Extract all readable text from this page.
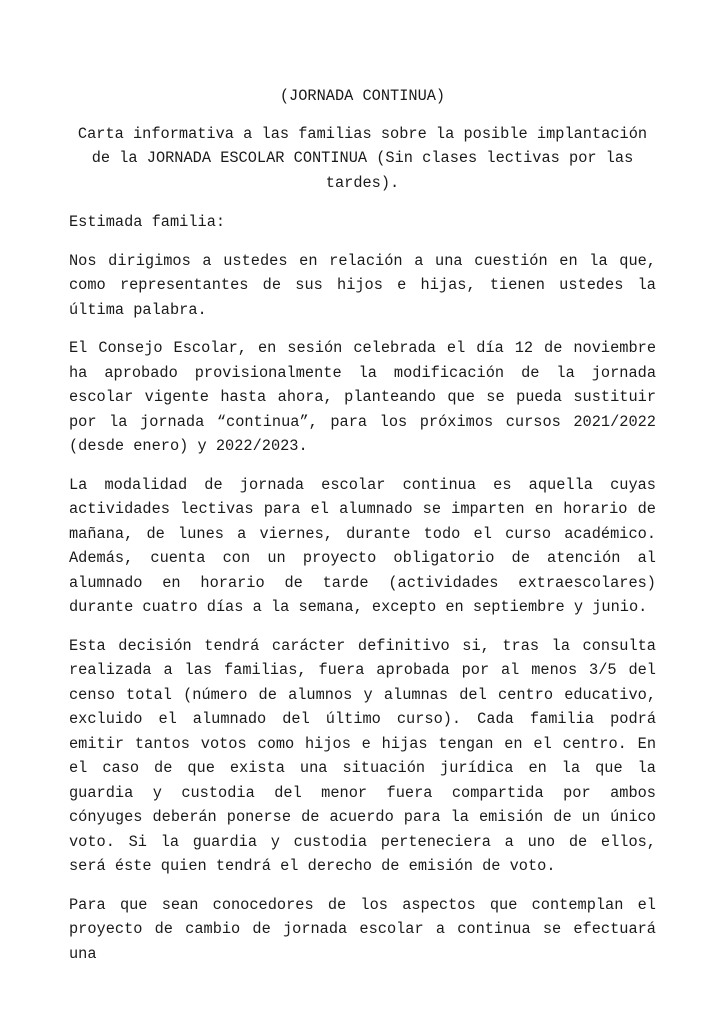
(JORNADA CONTINUA)

Carta informativa a las familias sobre la posible implantación de la JORNADA ESCOLAR CONTINUA (Sin clases lectivas por las tardes).

Estimada familia:

Nos dirigimos a ustedes en relación a una cuestión en la que, como representantes de sus hijos e hijas, tienen ustedes la última palabra.

El Consejo Escolar, en sesión celebrada el día 12 de noviembre ha aprobado provisionalmente la modificación de la jornada escolar vigente hasta ahora, planteando que se pueda sustituir por la jornada “continua”, para los próximos cursos 2021/2022 (desde enero) y 2022/2023.

La modalidad de jornada escolar continua es aquella cuyas actividades lectivas para el alumnado se imparten en horario de mañana, de lunes a viernes, durante todo el curso académico. Además, cuenta con un proyecto obligatorio de atención al alumnado en horario de tarde (actividades extraescolares) durante cuatro días a la semana, excepto en septiembre y junio.

Esta decisión tendrá carácter definitivo si, tras la consulta realizada a las familias, fuera aprobada por al menos 3/5 del censo total (número de alumnos y alumnas del centro educativo, excluido el alumnado del último curso). Cada familia podrá emitir tantos votos como hijos e hijas tengan en el centro. En el caso de que exista una situación jurídica en la que la guardia y custodia del menor fuera compartida por ambos cónyuges deberán ponerse de acuerdo para la emisión de un único voto. Si la guardia y custodia perteneciera a uno de ellos, será éste quien tendrá el derecho de emisión de voto.

Para que sean conocedores de los aspectos que contemplan el proyecto de cambio de jornada escolar a continua se efectuará una
